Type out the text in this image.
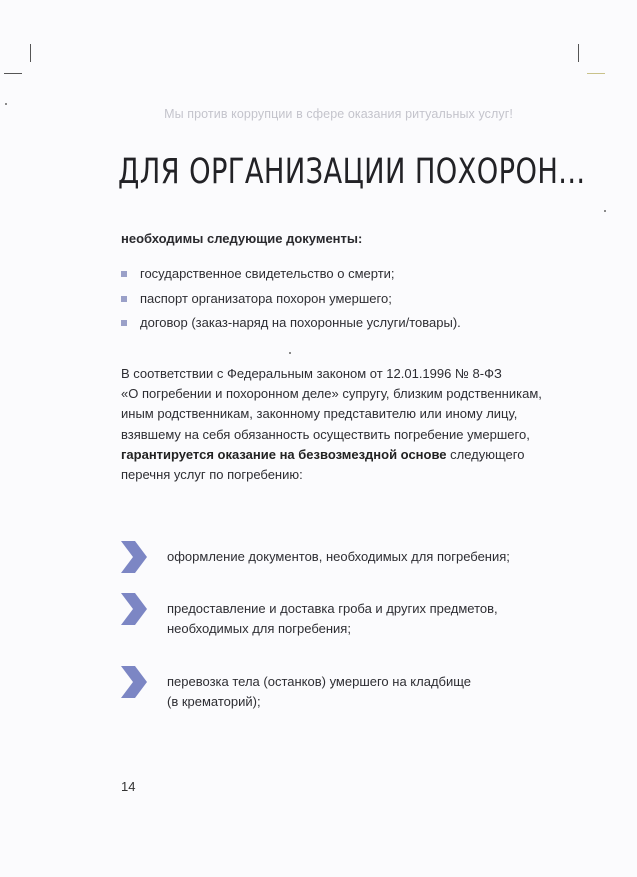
Мы против коррупции в сфере оказания ритуальных услуг!
ДЛЯ ОРГАНИЗАЦИИ ПОХОРОН...
необходимы следующие документы:
государственное свидетельство о смерти;
паспорт организатора похорон умершего;
договор (заказ-наряд на похоронные услуги/товары).
В соответствии с Федеральным законом от 12.01.1996 № 8-ФЗ
«О погребении и похоронном деле» супругу, близким родственникам,
иным родственникам, законному представителю или иному лицу,
взявшему на себя обязанность осуществить погребение умершего,
гарантируется оказание на безвозмездной основе следующего
перечня услуг по погребению:
оформление документов, необходимых для погребения;
предоставление и доставка гроба и других предметов,
необходимых для погребения;
перевозка тела (останков) умершего на кладбище
(в крематорий);
14
